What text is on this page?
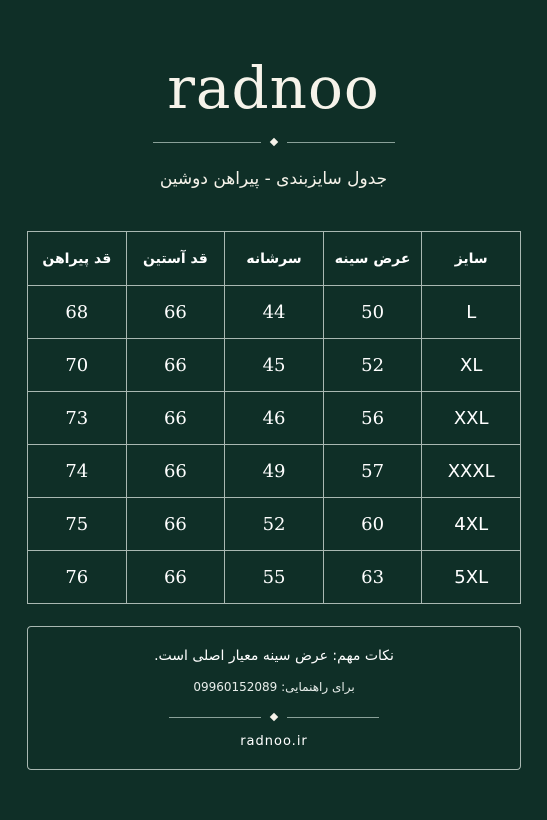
radnoo
جدول سایزبندی - پیراهن دوشین
سایز	عرض سینه	سرشانه	قد آستین	قد پیراهن
L	50	44	66	68
XL	52	45	66	70
XXL	56	46	66	73
XXXL	57	49	66	74
4XL	60	52	66	75
5XL	63	55	66	76
نکات مهم: عرض سینه معیار اصلی است.
برای راهنمایی: 09960152089
radnoo.ir
